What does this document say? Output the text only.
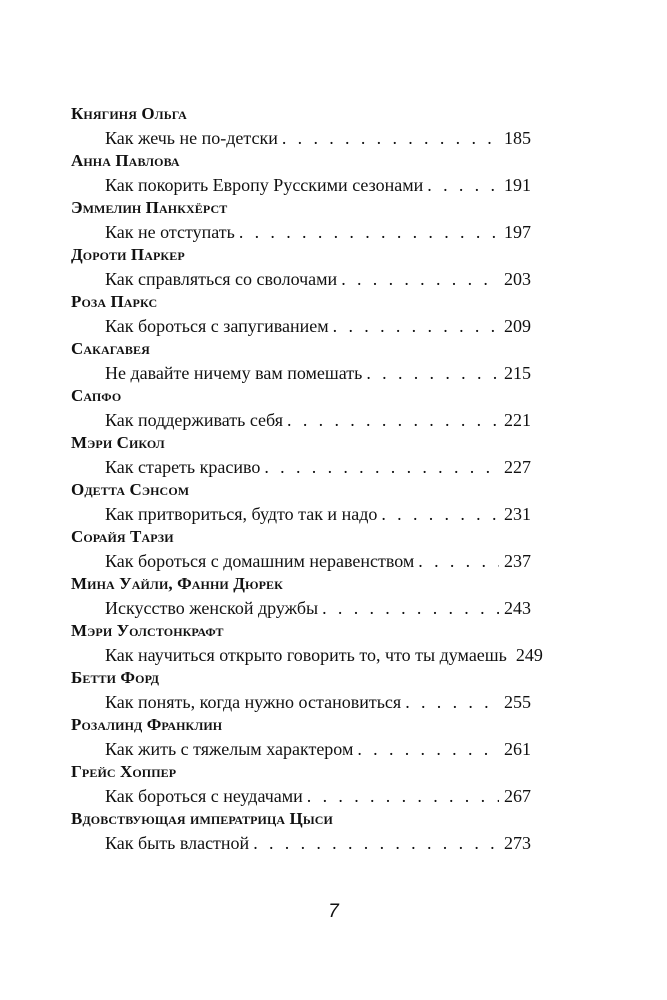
Княгиня Ольга
Как жечь не по-детски . . .	185
Анна Павлова
Как покорить Европу Русскими сезонами . . .	191
Эммелин Панкхёрст
Как не отступать . . .	197
Дороти Паркер
Как справляться со сволочами . . .	203
Роза Паркс
Как бороться с запугиванием . . .	209
Сакагавея
Не давайте ничему вам помешать . . .	215
Сапфо
Как поддерживать себя . . .	221
Мэри Сикол
Как стареть красиво . . .	227
Одетта Сэнсом
Как притвориться, будто так и надо . . .	231
Сорайя Тарзи
Как бороться с домашним неравенством . . .	237
Мина Уайли, Фанни Дюрек
Искусство женской дружбы . . .	243
Мэри Уолстонкрафт
Как научиться открыто говорить то, что ты думаешь 249
Бетти Форд
Как понять, когда нужно остановиться . . .	255
Розалинд Франклин
Как жить с тяжелым характером . . .	261
Грейс Хоппер
Как бороться с неудачами . . .	267
Вдовствующая императрица Цыси
Как быть властной . . .	273
7
